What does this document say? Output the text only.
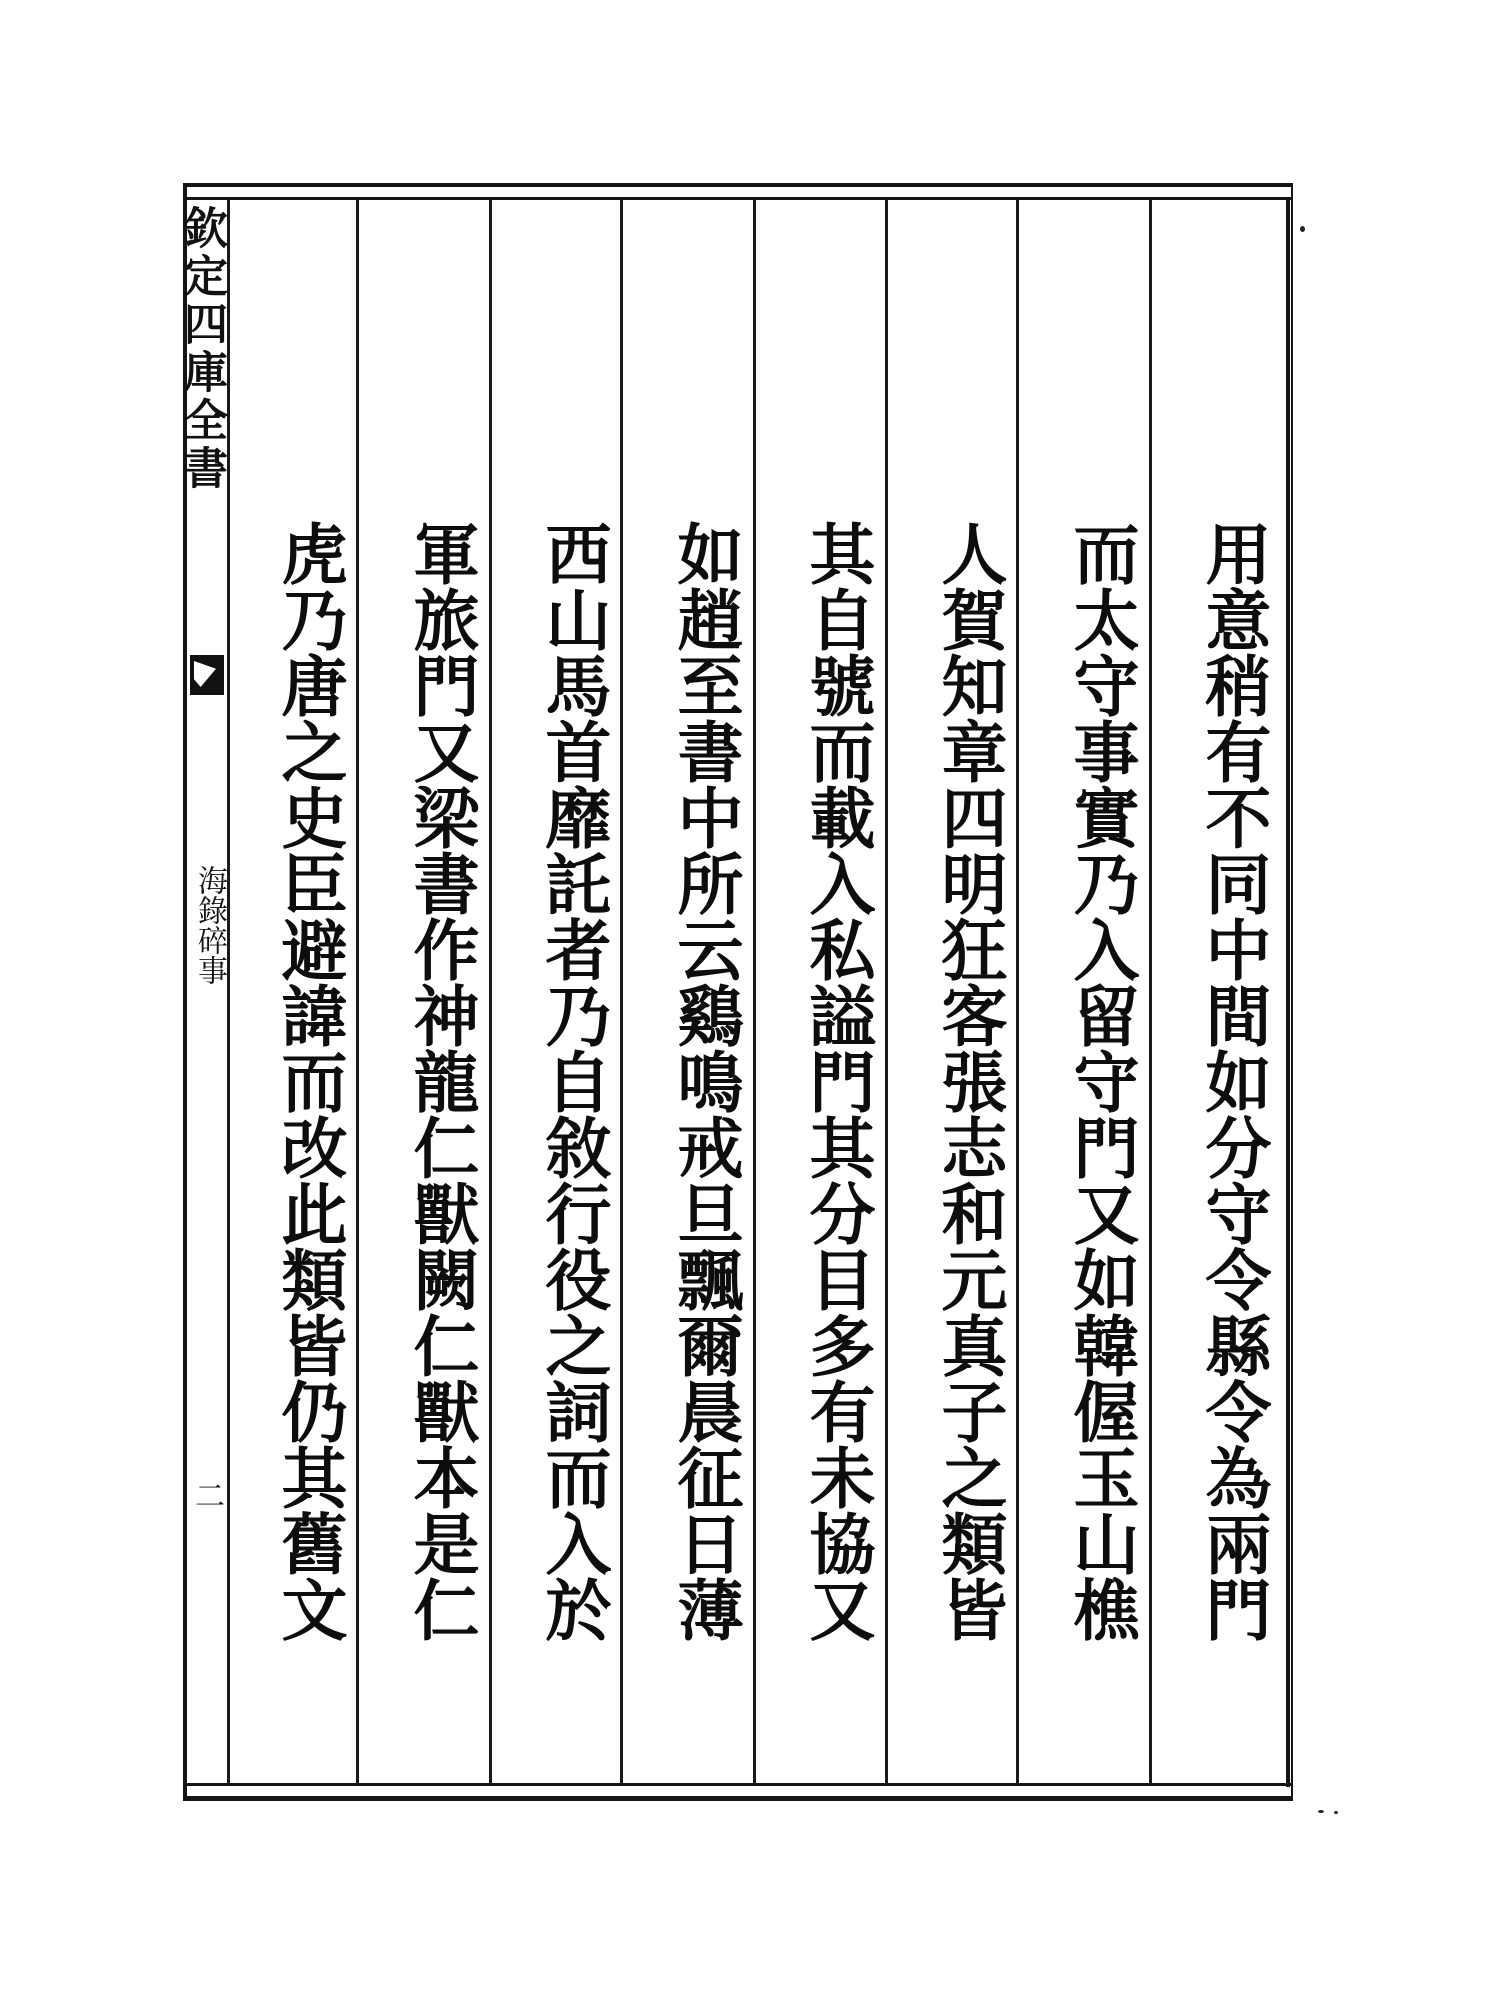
欽定四庫全書
海錄碎事
二	用意稍有不同中間如分守令縣令為兩門
而太守事實乃入留守門又如韓偓玉山樵
人賀知章四明狂客張志和元真子之類皆
其自號而載入私謚門其分目多有未協又
如趙至書中所云鷄鳴戒旦飄爾晨征日薄
西山馬首靡託者乃自敘行役之詞而入於
軍旅門又梁書作神龍仁獸闕仁獸本是仁
虎乃唐之史臣避諱而改此類皆仍其舊文
